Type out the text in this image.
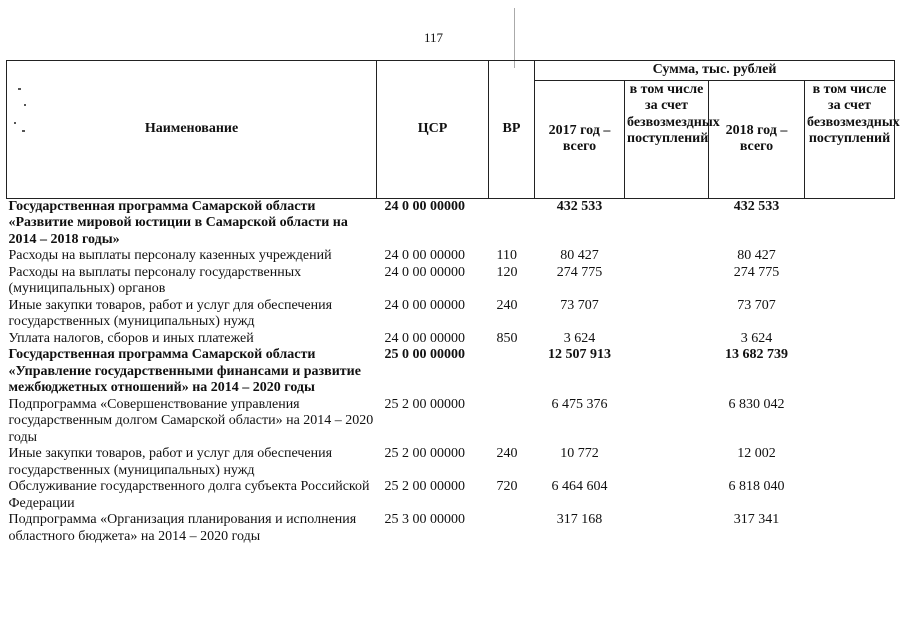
117
Наименование	ЦСР	ВР	Сумма, тыс. рублей			
			2017 год – всего	в том числе за счет безвозмездных поступлений	2018 год – всего	в том числе за счет безвозмездных поступлений
Государственная программа Самарской области «Развитие мировой юстиции в Самарской области на 2014 – 2018 годы»	24 0 00 00000		432 533		432 533	
Расходы на выплаты персоналу казенных учреждений	24 0 00 00000	110	80 427		80 427	
Расходы на выплаты персоналу государственных (муниципальных) органов	24 0 00 00000	120	274 775		274 775	
Иные закупки товаров, работ и услуг для обеспечения государственных (муниципальных) нужд	24 0 00 00000	240	73 707		73 707	
Уплата налогов, сборов и иных платежей	24 0 00 00000	850	3 624		3 624	
Государственная программа Самарской области «Управление государственными финансами и развитие межбюджетных отношений» на 2014 – 2020 годы	25 0 00 00000		12 507 913		13 682 739	
Подпрограмма «Совершенствование управления государственным долгом Самарской области» на 2014 – 2020 годы	25 2 00 00000		6 475 376		6 830 042	
Иные закупки товаров, работ и услуг для обеспечения государственных (муниципальных) нужд	25 2 00 00000	240	10 772		12 002	
Обслуживание государственного долга субъекта Российской Федерации	25 2 00 00000	720	6 464 604		6 818 040	
Подпрограмма «Организация планирования и исполнения областного бюджета» на 2014 – 2020 годы	25 3 00 00000		317 168		317 341	
